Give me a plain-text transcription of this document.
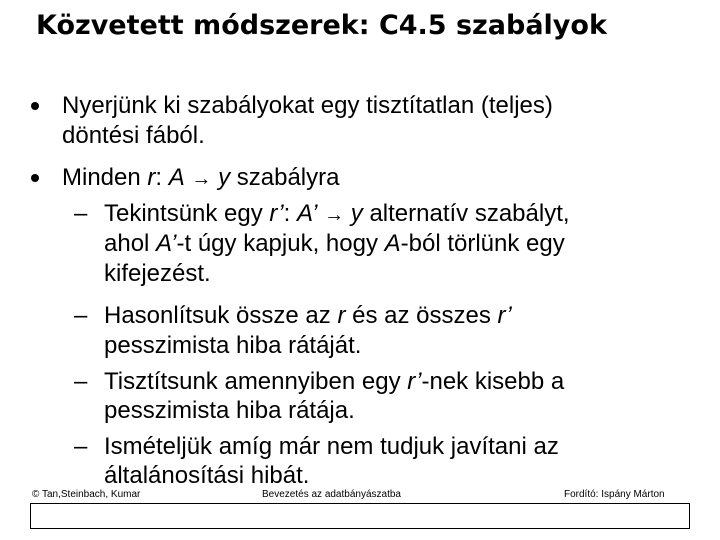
Közvetett módszerek: C4.5 szabályok
Nyerjünk ki szabályokat egy tisztítatlan (teljes)
döntési fából.
Minden r: A → y szabályra
– Tekintsünk egy r’: A’ → y alternatív szabályt,
ahol A’-t úgy kapjuk, hogy A-ból törlünk egy
kifejezést.
– Hasonlítsuk össze az r és az összes r’
pesszimista hiba rátáját.
– Tisztítsunk amennyiben egy r’-nek kisebb a
pesszimista hiba rátája.
– Ismételjük amíg már nem tudjuk javítani az
általánosítási hibát.
© Tan,Steinbach, Kumar	Bevezetés az adatbányászatba	Fordító: Ispány Márton
